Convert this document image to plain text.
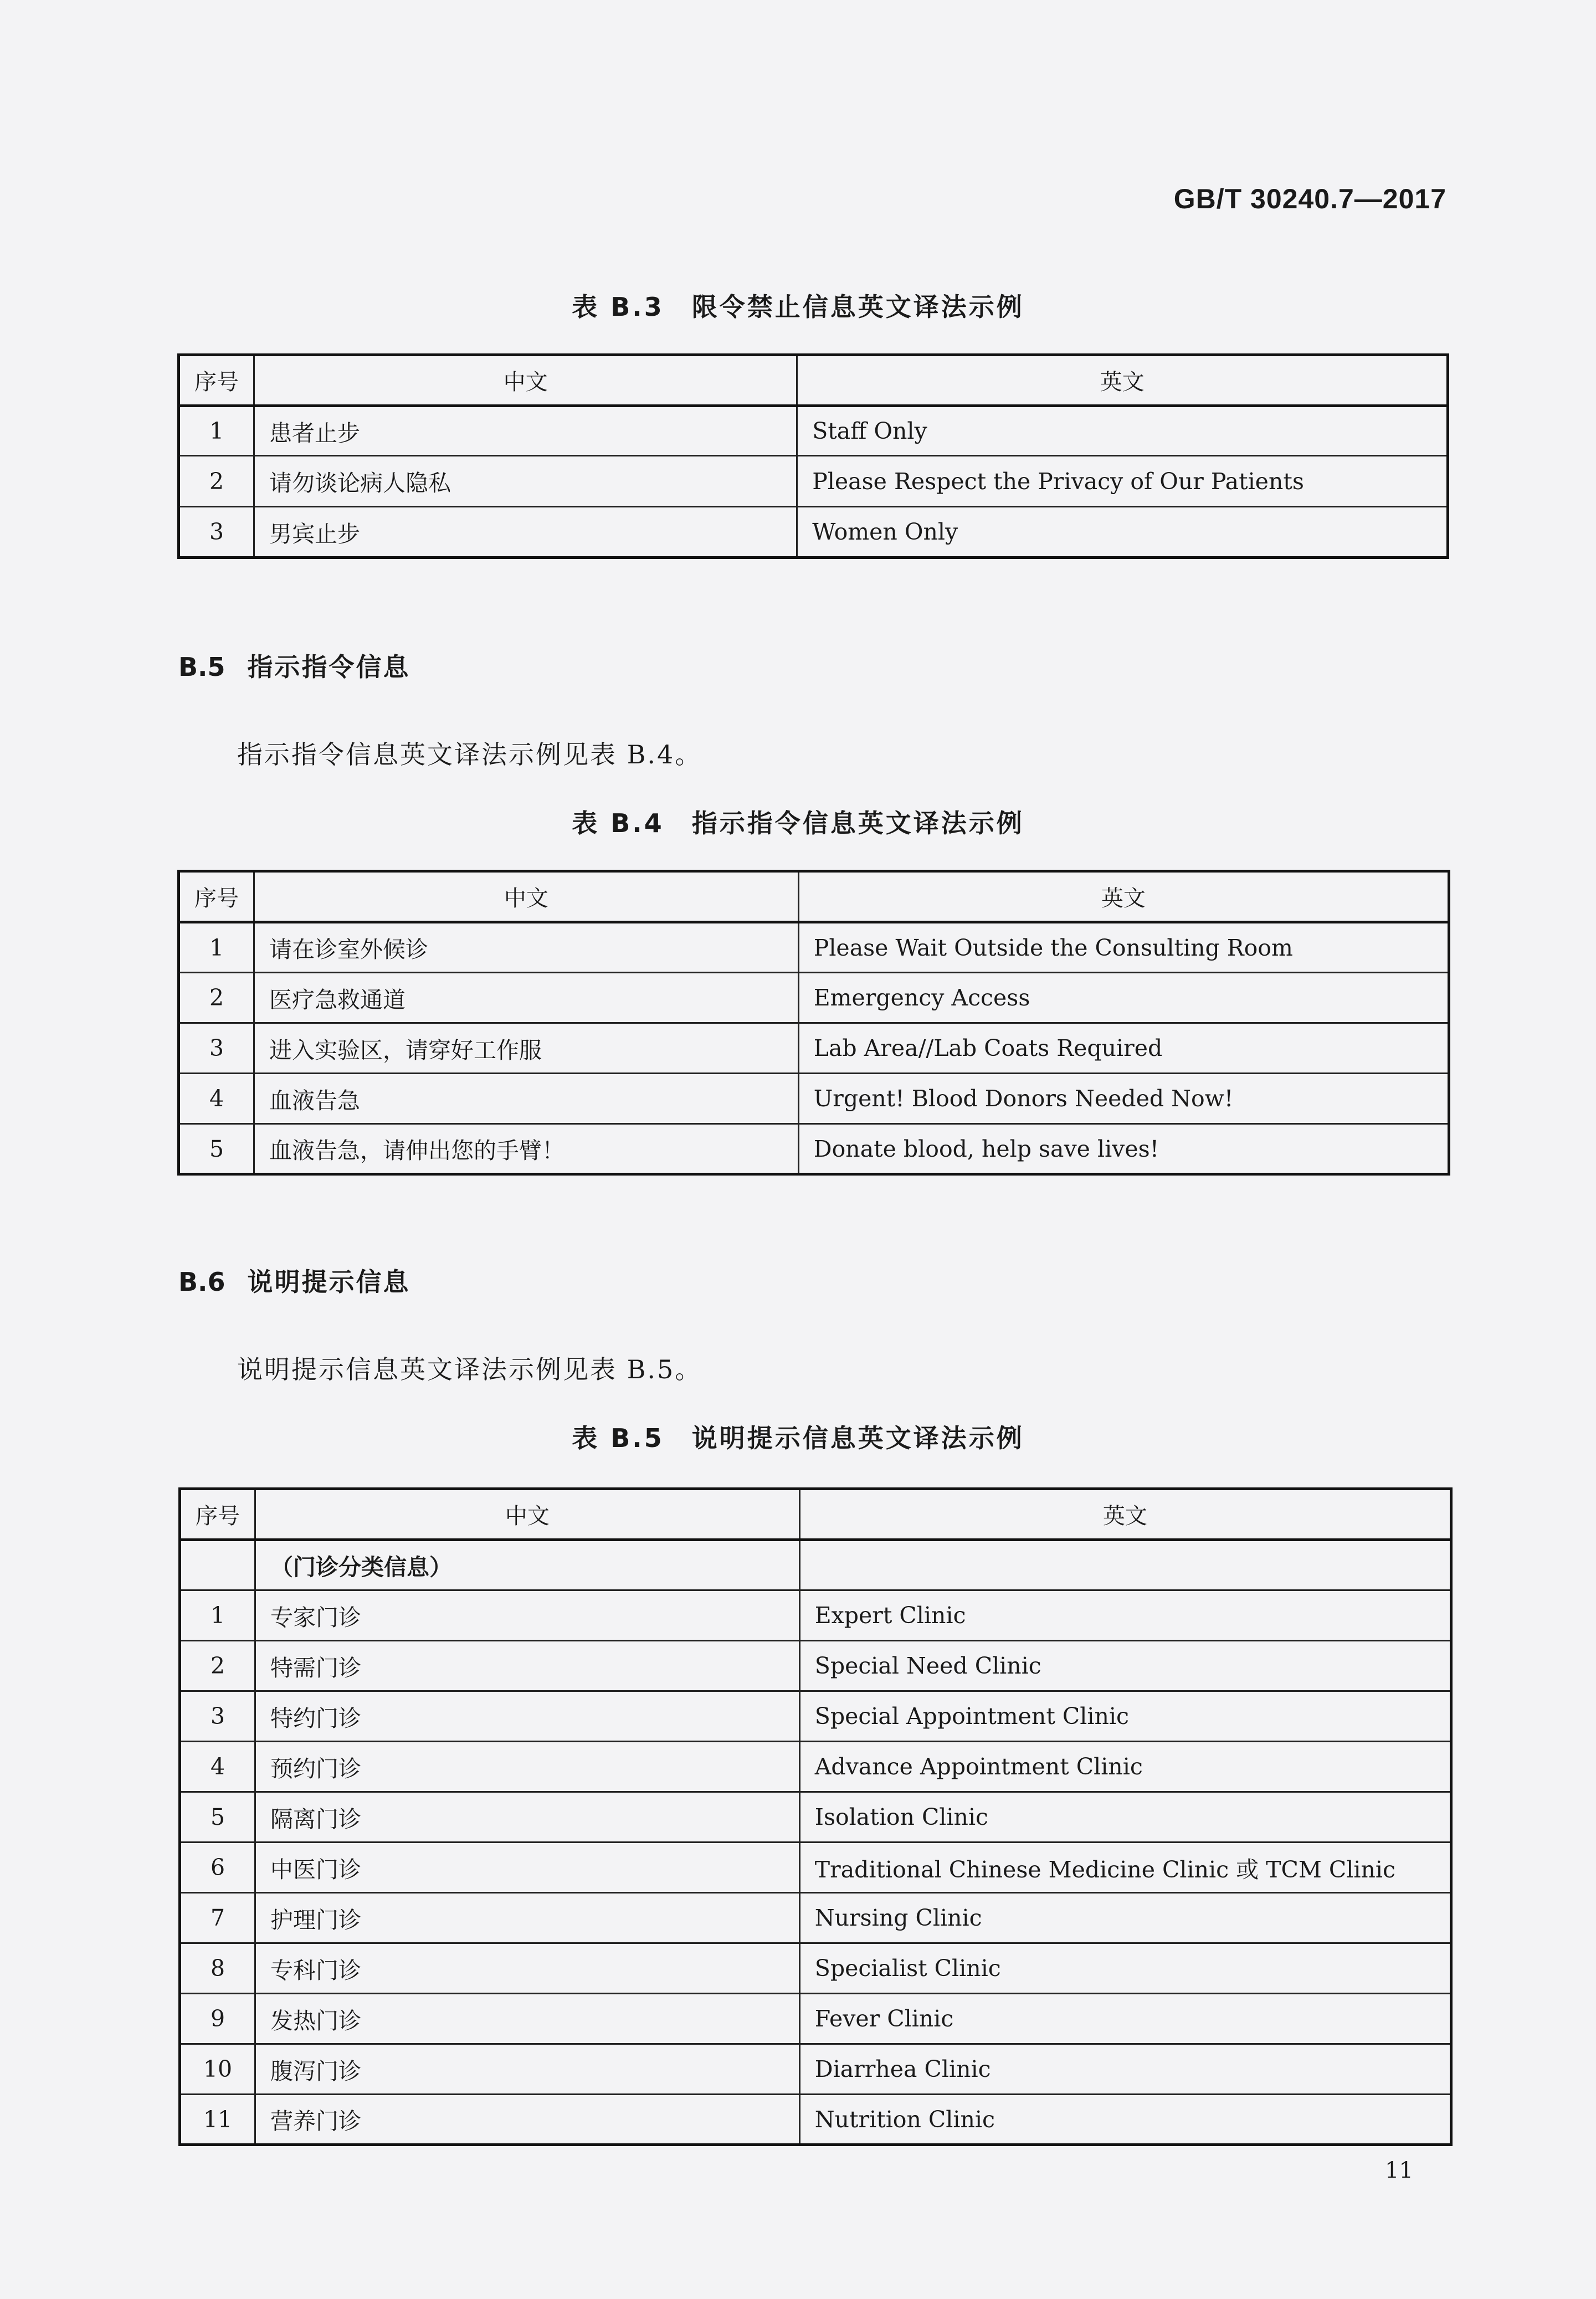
GB/T 30240.7—2017
表 B.3　限令禁止信息英文译法示例
序号	中文	英文
1	患者止步	Staff Only
2	请勿谈论病人隐私	Please Respect the Privacy of Our Patients
3	男宾止步	Women Only
B.5 指示指令信息
指示指令信息英文译法示例见表 B.4。
表 B.4　指示指令信息英文译法示例
序号	中文	英文
1	请在诊室外候诊	Please Wait Outside the Consulting Room
2	医疗急救通道	Emergency Access
3	进入实验区，请穿好工作服	Lab Area//Lab Coats Required
4	血液告急	Urgent! Blood Donors Needed Now!
5	血液告急，请伸出您的手臂！	Donate blood, help save lives!
B.6 说明提示信息
说明提示信息英文译法示例见表 B.5。
表 B.5　说明提示信息英文译法示例
序号	中文	英文
	（门诊分类信息）	
1	专家门诊	Expert Clinic
2	特需门诊	Special Need Clinic
3	特约门诊	Special Appointment Clinic
4	预约门诊	Advance Appointment Clinic
5	隔离门诊	Isolation Clinic
6	中医门诊	Traditional Chinese Medicine Clinic 或 TCM Clinic
7	护理门诊	Nursing Clinic
8	专科门诊	Specialist Clinic
9	发热门诊	Fever Clinic
10	腹泻门诊	Diarrhea Clinic
11	营养门诊	Nutrition Clinic
11
